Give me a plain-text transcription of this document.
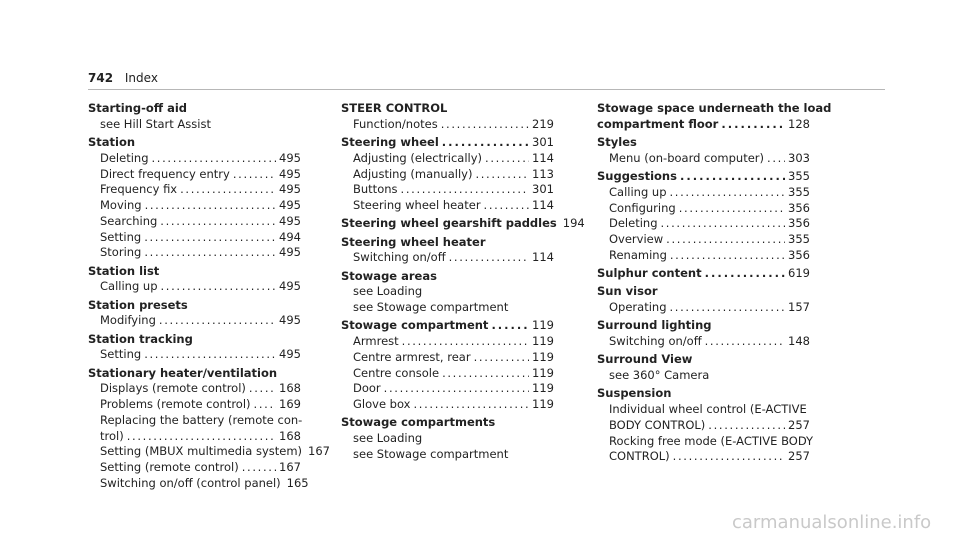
742 Index
Starting-off aid
see Hill Start Assist
Station
Deleting . . .	495
Direct frequency entry . . .	495
Frequency fix . . .	495
Moving . . .	495
Searching . . .	495
Setting . . .	494
Storing . . .	495
Station list
Calling up . . .	495
Station presets
Modifying . . .	495
Station tracking
Setting . . .	495
Stationary heater/ventilation
Displays (remote control) . . .	168
Problems (remote control) . . . 169
Replacing the battery (remote con-
trol) . . .	168
Setting (MBUX multimedia system) 167
Setting (remote control) . . .	167
Switching on/off (control panel) 165
STEER CONTROL
Function/notes . . .	219
Steering wheel . . .	301
Adjusting (electrically) . . .	114
Adjusting (manually) . . .	113
Buttons . . .	301
Steering wheel heater . . .	114
Steering wheel gearshift paddles 194
Steering wheel heater
Switching on/off . . .	114
Stowage areas
see Loading
see Stowage compartment
Stowage compartment . . .	119
Armrest . . .	119
Centre armrest, rear . . .	119
Centre console . . .	119
Door . . .	119
Glove box . . .	119
Stowage compartments
see Loading
see Stowage compartment
Stowage space underneath the load
compartment floor . . .	128
Styles
Menu (on-board computer) . . . 303
Suggestions . . .	355
Calling up . . .	355
Configuring . . .	356
Deleting . . .	356
Overview . . .	355
Renaming . . .	356
Sulphur content . . .	619
Sun visor
Operating . . .	157
Surround lighting
Switching on/off . . .	148
Surround View
see 360° Camera
Suspension
Individual wheel control (E-ACTIVE
BODY CONTROL) . . .	257
Rocking free mode (E-ACTIVE BODY
CONTROL) . . .	257
carmanualsonline.info
